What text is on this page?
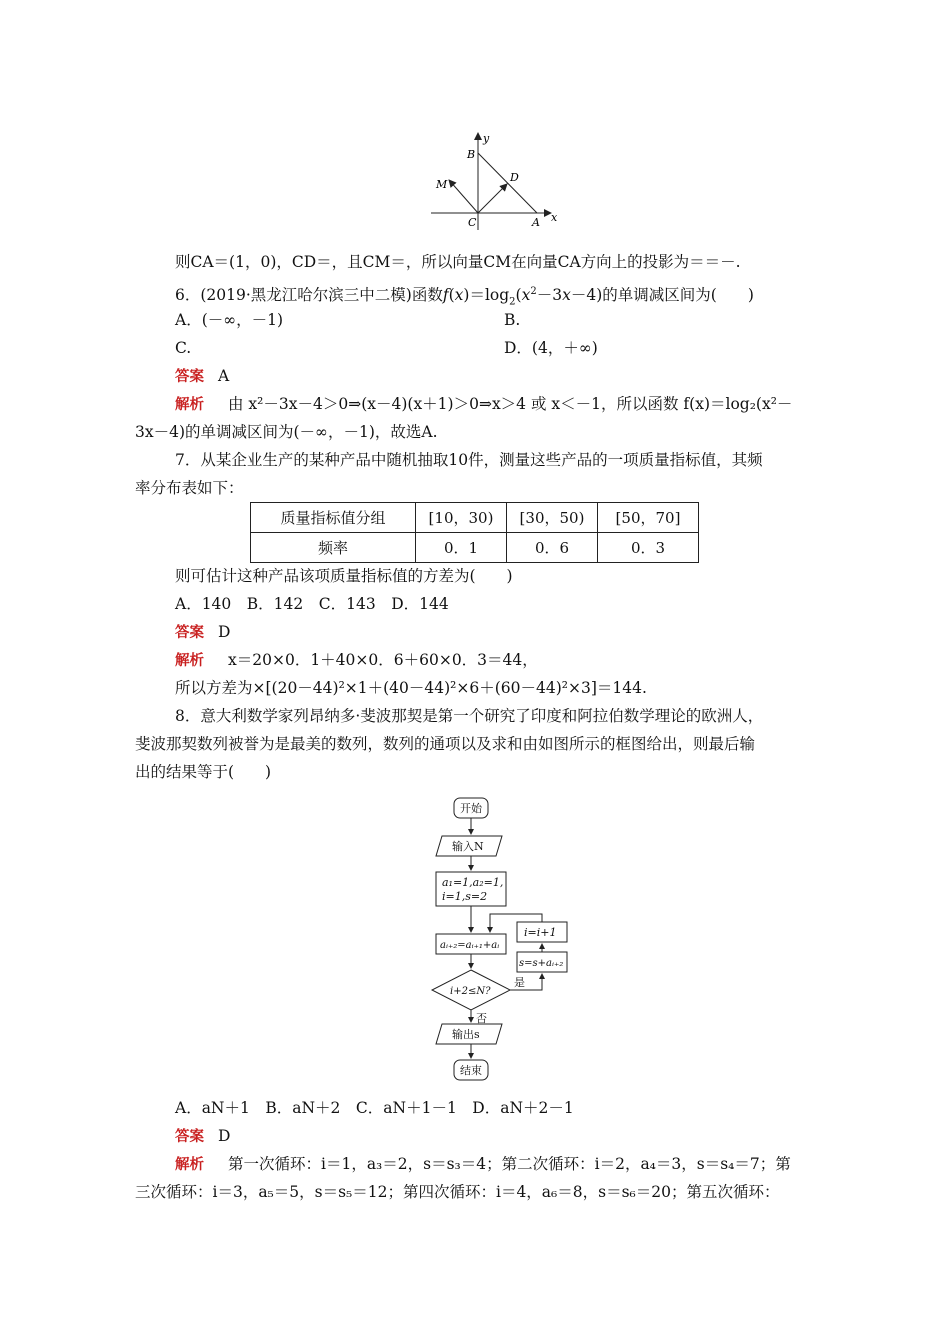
y
x
B
M
D
C	A
则CA＝(1，0)，CD＝，且CM＝，所以向量CM在向量CA方向上的投影为＝＝－.
6．(2019·黑龙江哈尔滨三中二模)函数$f(x)=\log_2(x^2-3x-4)$的单调减区间为(　　)
A．(－∞，－1)	B.
C.	D．(4，＋∞)
答案 A
解析 由 x²－3x－4＞0⇒(x－4)(x＋1)＞0⇒x＞4 或 x＜－1，所以函数 f(x)＝log₂(x²－
3x－4)的单调减区间为(－∞，－1)，故选A.
7．从某企业生产的某种产品中随机抽取10件，测量这些产品的一项质量指标值，其频
率分布表如下：
质量指标值分组	[10，30)	[30，50)	[50，70]
频率	0．1	0．6	0．3
则可估计这种产品该项质量指标值的方差为(　　)
A．140　B．142　C．143　D．144
答案 D
解析 x＝20×0．1＋40×0．6＋60×0．3＝44，
所以方差为×[(20－44)²×1＋(40－44)²×6＋(60－44)²×3]＝144.
8．意大利数学家列昂纳多·斐波那契是第一个研究了印度和阿拉伯数学理论的欧洲人，
斐波那契数列被誉为是最美的数列，数列的通项以及求和由如图所示的框图给出，则最后输
出的结果等于(　　)
开始
输入N
a₁=1,a₂=1,
i=1,s=2
aᵢ₊₂=aᵢ₊₁+aᵢ
i+2≤N?
是
否
i=i+1
s=s+aᵢ₊₂
输出s
结束
A．aN＋1　B．aN＋2　C．aN＋1－1　D．aN＋2－1
答案 D
解析 第一次循环：i＝1，a₃＝2，s＝s₃＝4；第二次循环：i＝2，a₄＝3，s＝s₄＝7；第
三次循环：i＝3，a₅＝5，s＝s₅＝12；第四次循环：i＝4，a₆＝8，s＝s₆＝20；第五次循环：
